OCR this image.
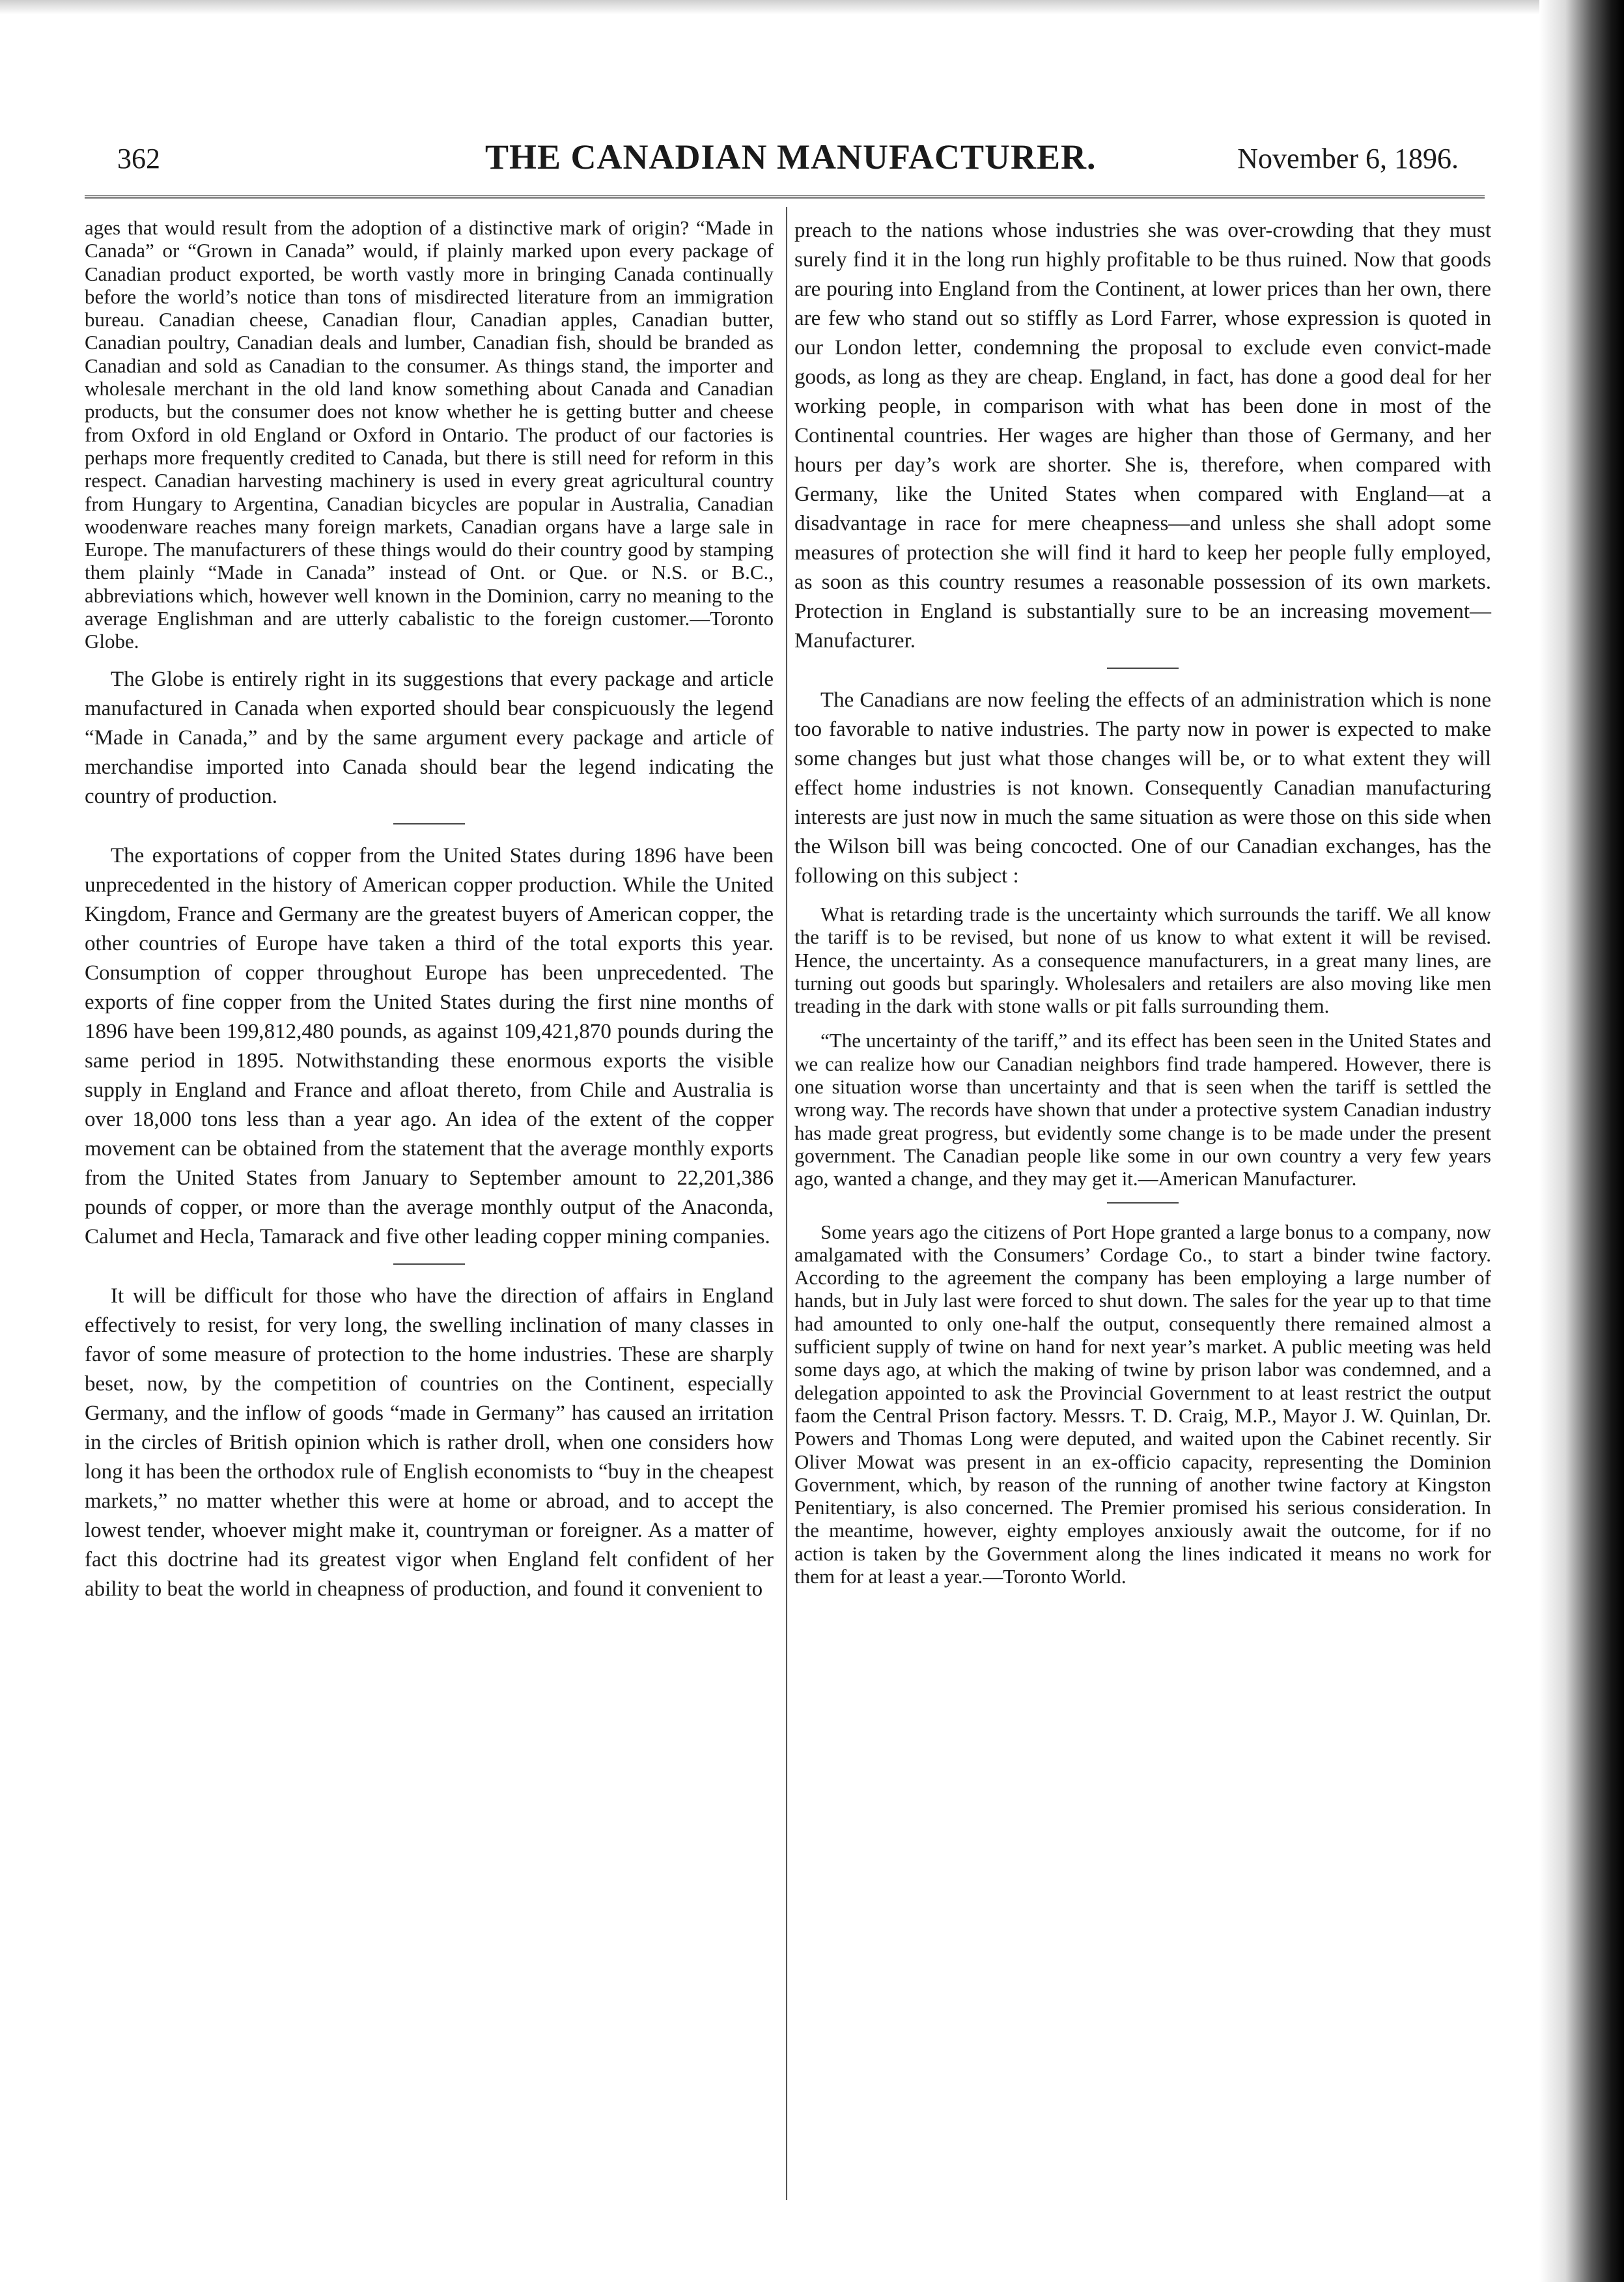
362	THE CANADIAN MANUFACTURER.	November 6, 1896.

ages that would result from the adoption of a distinctive mark of origin? “Made in Canada” or “Grown in Canada” would, if plainly marked upon every package of Canadian product exported, be worth vastly more in bringing Canada continually before the world’s notice than tons of misdirected literature from an immigration bureau. Canadian cheese, Canadian flour, Canadian apples, Canadian butter, Canadian poultry, Canadian deals and lumber, Canadian fish, should be branded as Canadian and sold as Canadian to the consumer. As things stand, the importer and wholesale merchant in the old land know something about Canada and Canadian products, but the consumer does not know whether he is getting butter and cheese from Oxford in old England or Oxford in Ontario. The product of our factories is perhaps more frequently credited to Canada, but there is still need for reform in this respect. Canadian harvesting machinery is used in every great agricultural country from Hungary to Argentina, Canadian bicycles are popular in Australia, Canadian woodenware reaches many foreign markets, Canadian organs have a large sale in Europe. The manufacturers of these things would do their country good by stamping them plainly “Made in Canada” instead of Ont. or Que. or N.S. or B.C., abbreviations which, however well known in the Dominion, carry no meaning to the average Englishman and are utterly cabalistic to the foreign customer.—Toronto Globe.

The Globe is entirely right in its suggestions that every package and article manufactured in Canada when exported should bear conspicuously the legend “Made in Canada,” and by the same argument every package and article of merchandise imported into Canada should bear the legend indicating the country of production.

The exportations of copper from the United States during 1896 have been unprecedented in the history of American copper production. While the United Kingdom, France and Germany are the greatest buyers of American copper, the other countries of Europe have taken a third of the total exports this year. Consumption of copper throughout Europe has been unprecedented. The exports of fine copper from the United States during the first nine months of 1896 have been 199,812,480 pounds, as against 109,421,870 pounds during the same period in 1895. Notwithstanding these enormous exports the visible supply in England and France and afloat thereto, from Chile and Australia is over 18,000 tons less than a year ago. An idea of the extent of the copper movement can be obtained from the statement that the average monthly exports from the United States from January to September amount to 22,201,386 pounds of copper, or more than the average monthly output of the Anaconda, Calumet and Hecla, Tamarack and five other leading copper mining companies.

It will be difficult for those who have the direction of affairs in England effectively to resist, for very long, the swelling inclination of many classes in favor of some measure of protection to the home industries. These are sharply beset, now, by the competition of countries on the Continent, especially Germany, and the inflow of goods “made in Germany” has caused an irritation in the circles of British opinion which is rather droll, when one considers how long it has been the orthodox rule of English economists to “buy in the cheapest markets,” no matter whether this were at home or abroad, and to accept the lowest tender, whoever might make it, countryman or foreigner. As a matter of fact this doctrine had its greatest vigor when England felt confident of her ability to beat the world in cheapness of production, and found it convenient to

preach to the nations whose industries she was over-crowding that they must surely find it in the long run highly profitable to be thus ruined. Now that goods are pouring into England from the Continent, at lower prices than her own, there are few who stand out so stiffly as Lord Farrer, whose expression is quoted in our London letter, condemning the proposal to exclude even convict-made goods, as long as they are cheap. England, in fact, has done a good deal for her working people, in comparison with what has been done in most of the Continental countries. Her wages are higher than those of Germany, and her hours per day’s work are shorter. She is, therefore, when compared with Germany, like the United States when compared with England—at a disadvantage in race for mere cheapness—and unless she shall adopt some measures of protection she will find it hard to keep her people fully employed, as soon as this country resumes a reasonable possession of its own markets. Protection in England is substantially sure to be an increasing movement—Manufacturer.

The Canadians are now feeling the effects of an administration which is none too favorable to native industries. The party now in power is expected to make some changes but just what those changes will be, or to what extent they will effect home industries is not known. Consequently Canadian manufacturing interests are just now in much the same situation as were those on this side when the Wilson bill was being concocted. One of our Canadian exchanges, has the following on this subject :

What is retarding trade is the uncertainty which surrounds the tariff. We all know the tariff is to be revised, but none of us know to what extent it will be revised. Hence, the uncertainty. As a consequence manufacturers, in a great many lines, are turning out goods but sparingly. Wholesalers and retailers are also moving like men treading in the dark with stone walls or pit falls surrounding them.

“The uncertainty of the tariff,” and its effect has been seen in the United States and we can realize how our Canadian neighbors find trade hampered. However, there is one situation worse than uncertainty and that is seen when the tariff is settled the wrong way. The records have shown that under a protective system Canadian industry has made great progress, but evidently some change is to be made under the present government. The Canadian people like some in our own country a very few years ago, wanted a change, and they may get it.—American Manufacturer.

Some years ago the citizens of Port Hope granted a large bonus to a company, now amalgamated with the Consumers’ Cordage Co., to start a binder twine factory. According to the agreement the company has been employing a large number of hands, but in July last were forced to shut down. The sales for the year up to that time had amounted to only one-half the output, consequently there remained almost a sufficient supply of twine on hand for next year’s market. A public meeting was held some days ago, at which the making of twine by prison labor was condemned, and a delegation appointed to ask the Provincial Government to at least restrict the output faom the Central Prison factory. Messrs. T. D. Craig, M.P., Mayor J. W. Quinlan, Dr. Powers and Thomas Long were deputed, and waited upon the Cabinet recently. Sir Oliver Mowat was present in an ex-officio capacity, representing the Dominion Government, which, by reason of the running of another twine factory at Kingston Penitentiary, is also concerned. The Premier promised his serious consideration. In the meantime, however, eighty employes anxiously await the outcome, for if no action is taken by the Government along the lines indicated it means no work for them for at least a year.—Toronto World.
